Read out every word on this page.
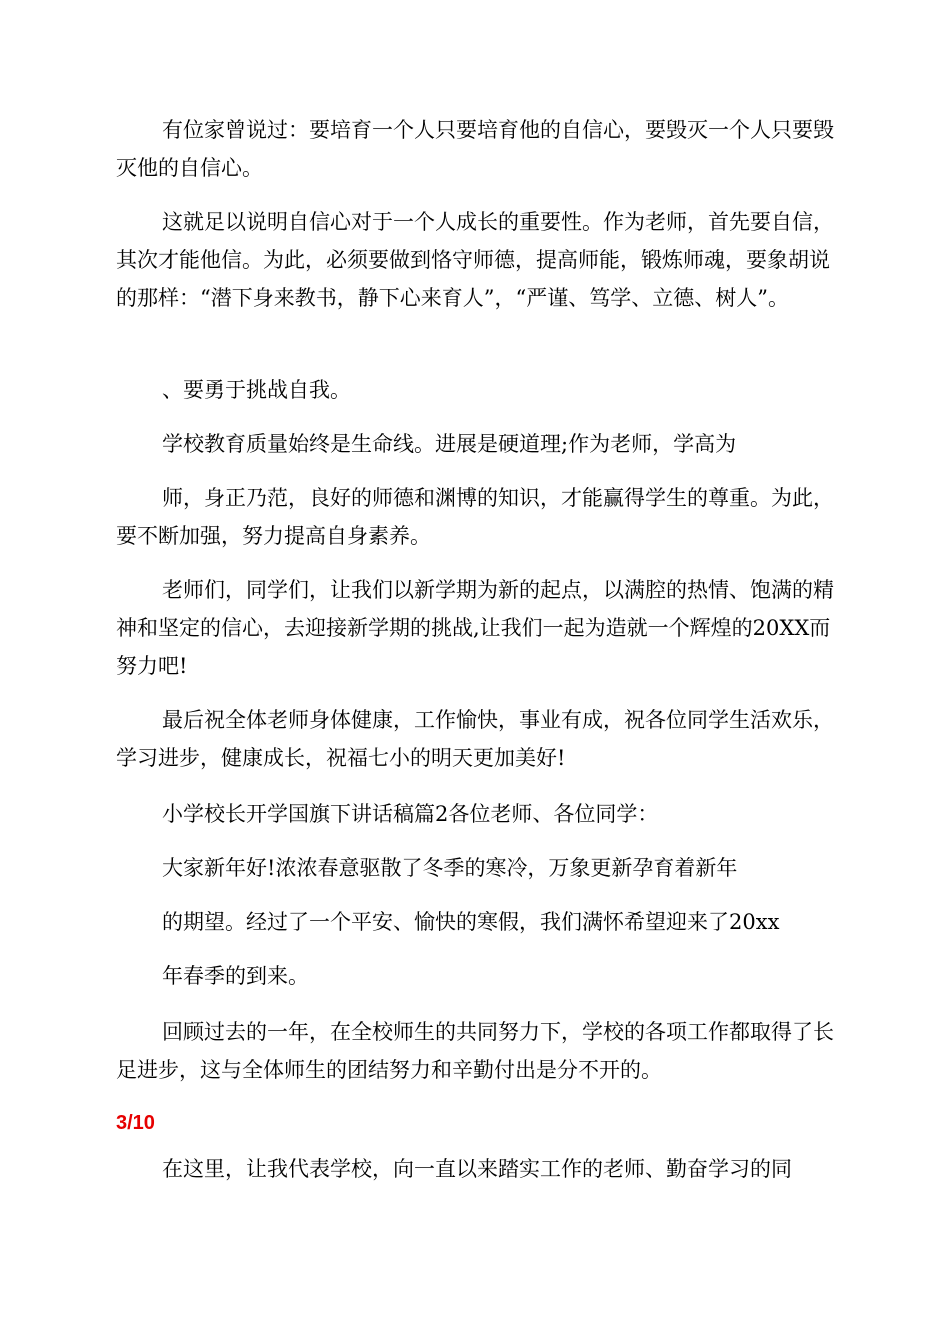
有位家曾说过：要培育一个人只要培育他的自信心，要毁灭一个人只要毁灭他的自信心。

这就足以说明自信心对于一个人成长的重要性。作为老师，首先要自信，其次才能他信。为此，必须要做到恪守师德，提高师能，锻炼师魂，要象胡说的那样：“潜下身来教书，静下心来育人”，“严谨、笃学、立德、树人”。

、要勇于挑战自我。

学校教育质量始终是生命线。进展是硬道理;作为老师，学高为

师，身正乃范，良好的师德和渊博的知识，才能赢得学生的尊重。为此，要不断加强，努力提高自身素养。

老师们，同学们，让我们以新学期为新的起点，以满腔的热情、饱满的精神和坚定的信心，去迎接新学期的挑战,让我们一起为造就一个辉煌的20XX而努力吧!

最后祝全体老师身体健康，工作愉快，事业有成，祝各位同学生活欢乐，学习进步，健康成长，祝福七小的明天更加美好!

小学校长开学国旗下讲话稿篇2各位老师、各位同学：

大家新年好!浓浓春意驱散了冬季的寒冷，万象更新孕育着新年

的期望。经过了一个平安、愉快的寒假，我们满怀希望迎来了20xx

年春季的到来。

回顾过去的一年，在全校师生的共同努力下，学校的各项工作都取得了长足进步，这与全体师生的团结努力和辛勤付出是分不开的。

3/10

在这里，让我代表学校，向一直以来踏实工作的老师、勤奋学习的同
